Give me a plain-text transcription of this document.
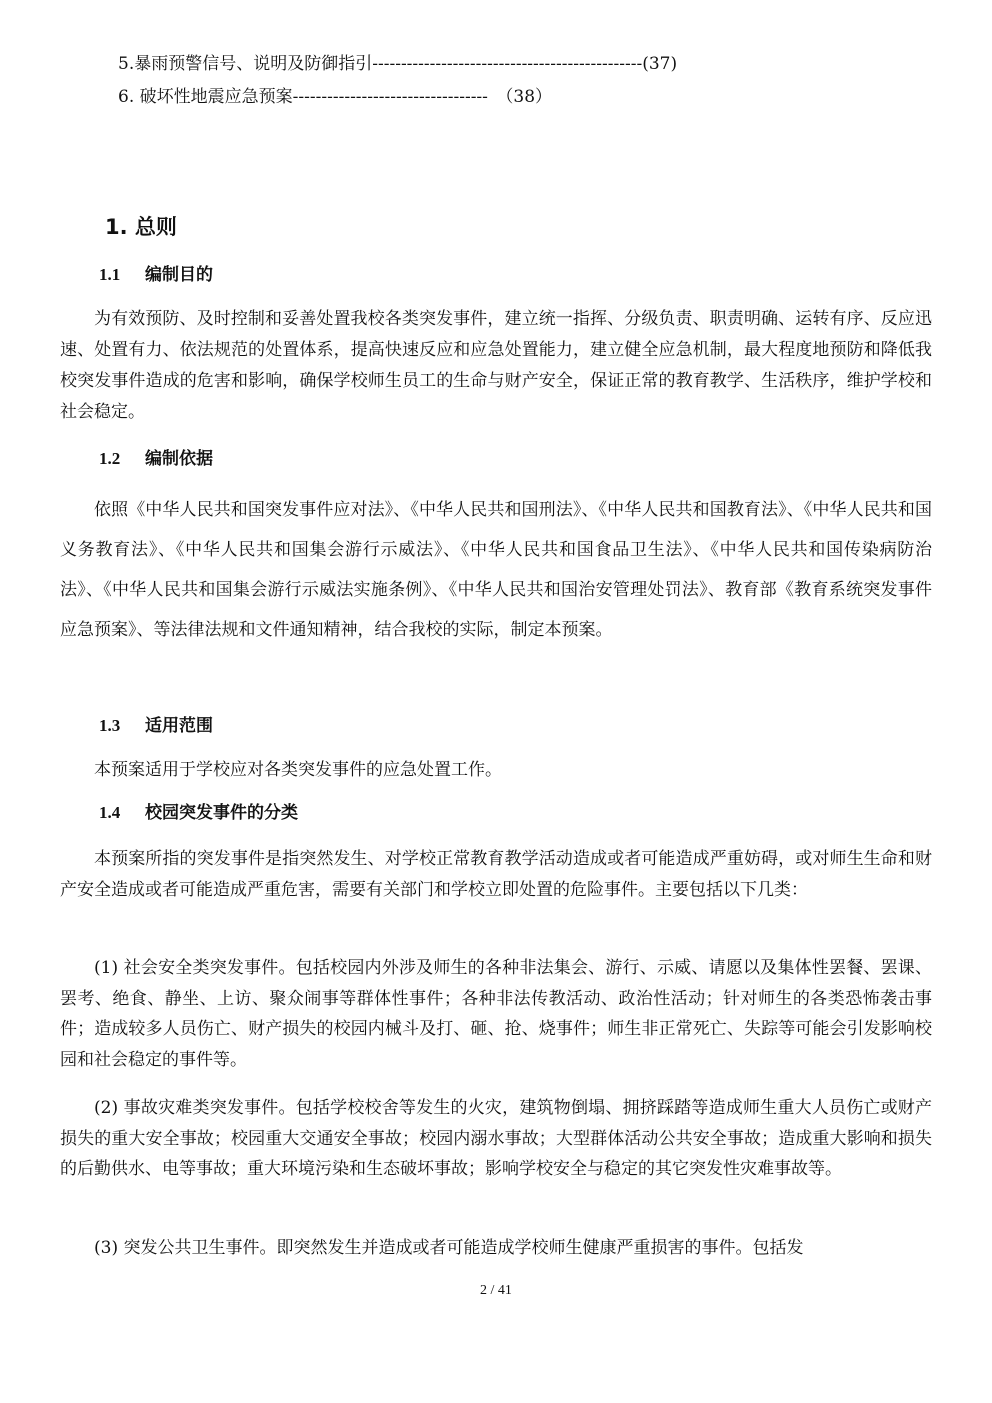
5.暴雨预警信号、说明及防御指引-----------------------------------------------(37)
6. 破坏性地震应急预案----------------------------------　（38）
1. 总则
1.1 编制目的

为有效预防、及时控制和妥善处置我校各类突发事件，建立统一指挥、分级负责、职责明确、运转有序、反应迅速、处置有力、依法规范的处置体系，提高快速反应和应急处置能力，建立健全应急机制，最大程度地预防和降低我校突发事件造成的危害和影响，确保学校师生员工的生命与财产安全，保证正常的教育教学、生活秩序，维护学校和社会稳定。

1.2 编制依据

依照《中华人民共和国突发事件应对法》、《中华人民共和国刑法》、《中华人民共和国教育法》、《中华人民共和国义务教育法》、《中华人民共和国集会游行示威法》、《中华人民共和国食品卫生法》、《中华人民共和国传染病防治法》、《中华人民共和国集会游行示威法实施条例》、《中华人民共和国治安管理处罚法》、教育部《教育系统突发事件应急预案》、等法律法规和文件通知精神，结合我校的实际，制定本预案。

1.3 适用范围

本预案适用于学校应对各类突发事件的应急处置工作。

1.4 校园突发事件的分类

本预案所指的突发事件是指突然发生、对学校正常教育教学活动造成或者可能造成严重妨碍，或对师生生命和财产安全造成或者可能造成严重危害，需要有关部门和学校立即处置的危险事件。主要包括以下几类：

(1) 社会安全类突发事件。包括校园内外涉及师生的各种非法集会、游行、示威、请愿以及集体性罢餐、罢课、罢考、绝食、静坐、上访、聚众闹事等群体性事件；各种非法传教活动、政治性活动；针对师生的各类恐怖袭击事件；造成较多人员伤亡、财产损失的校园内械斗及打、砸、抢、烧事件；师生非正常死亡、失踪等可能会引发影响校园和社会稳定的事件等。

(2) 事故灾难类突发事件。包括学校校舍等发生的火灾，建筑物倒塌、拥挤踩踏等造成师生重大人员伤亡或财产损失的重大安全事故；校园重大交通安全事故；校园内溺水事故；大型群体活动公共安全事故；造成重大影响和损失的后勤供水、电等事故；重大环境污染和生态破坏事故；影响学校安全与稳定的其它突发性灾难事故等。

(3) 突发公共卫生事件。即突然发生并造成或者可能造成学校师生健康严重损害的事件。包括发

2 / 41
